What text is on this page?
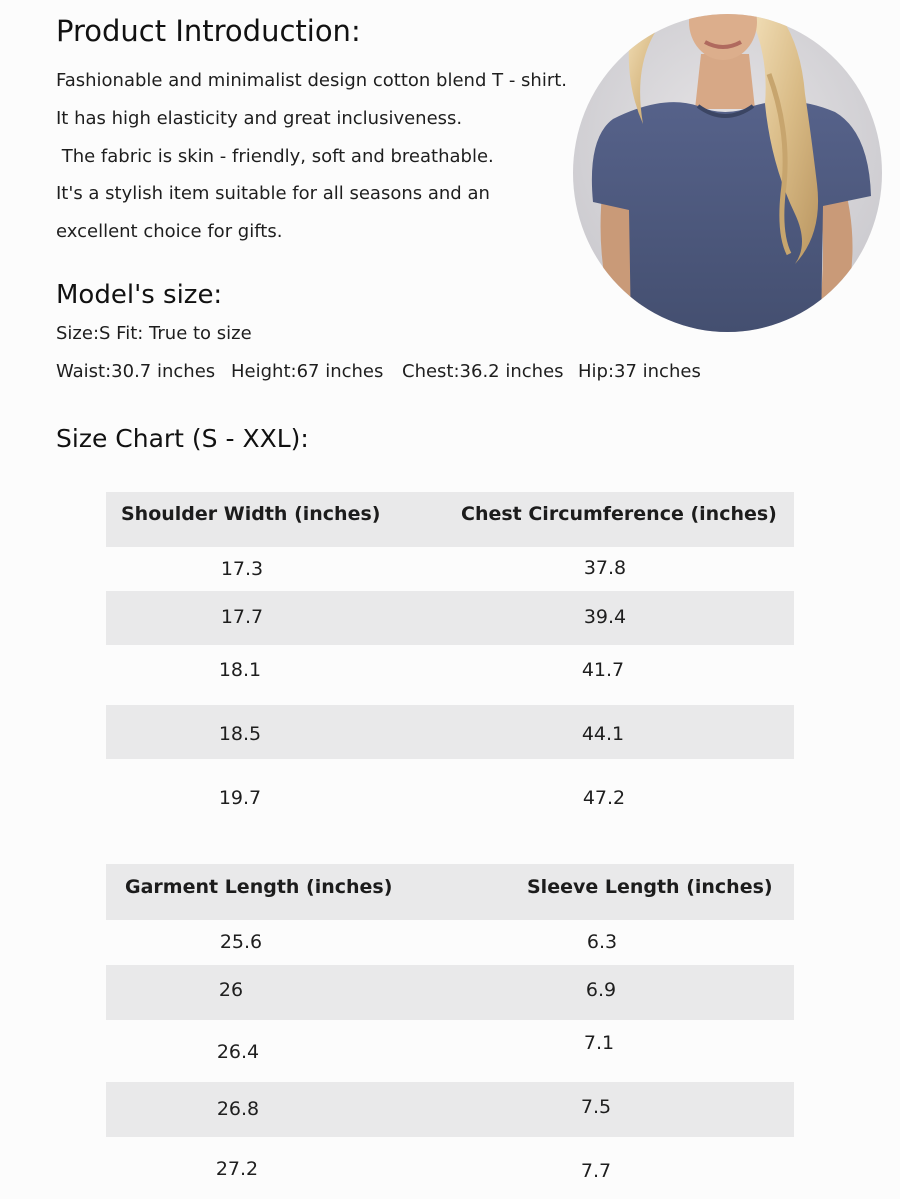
Product Introduction:
Fashionable and minimalist design cotton blend T - shirt.
It has high elasticity and great inclusiveness.
The fabric is skin - friendly, soft and breathable.
It's a stylish item suitable for all seasons and an
excellent choice for gifts.
Model's size:
Size:S Fit: True to size
Waist:30.7 inches Height:67 inches Chest:36.2 inches Hip:37 inches
Size Chart (S - XXL):
Shoulder Width (inches)	Chest Circumference (inches)
17.3	37.8
17.7	39.4
18.1	41.7
18.5	44.1
19.7	47.2
Garment Length (inches)	Sleeve Length (inches)
25.6	6.3
26	6.9
26.4	7.1
26.8	7.5
27.2	7.7
